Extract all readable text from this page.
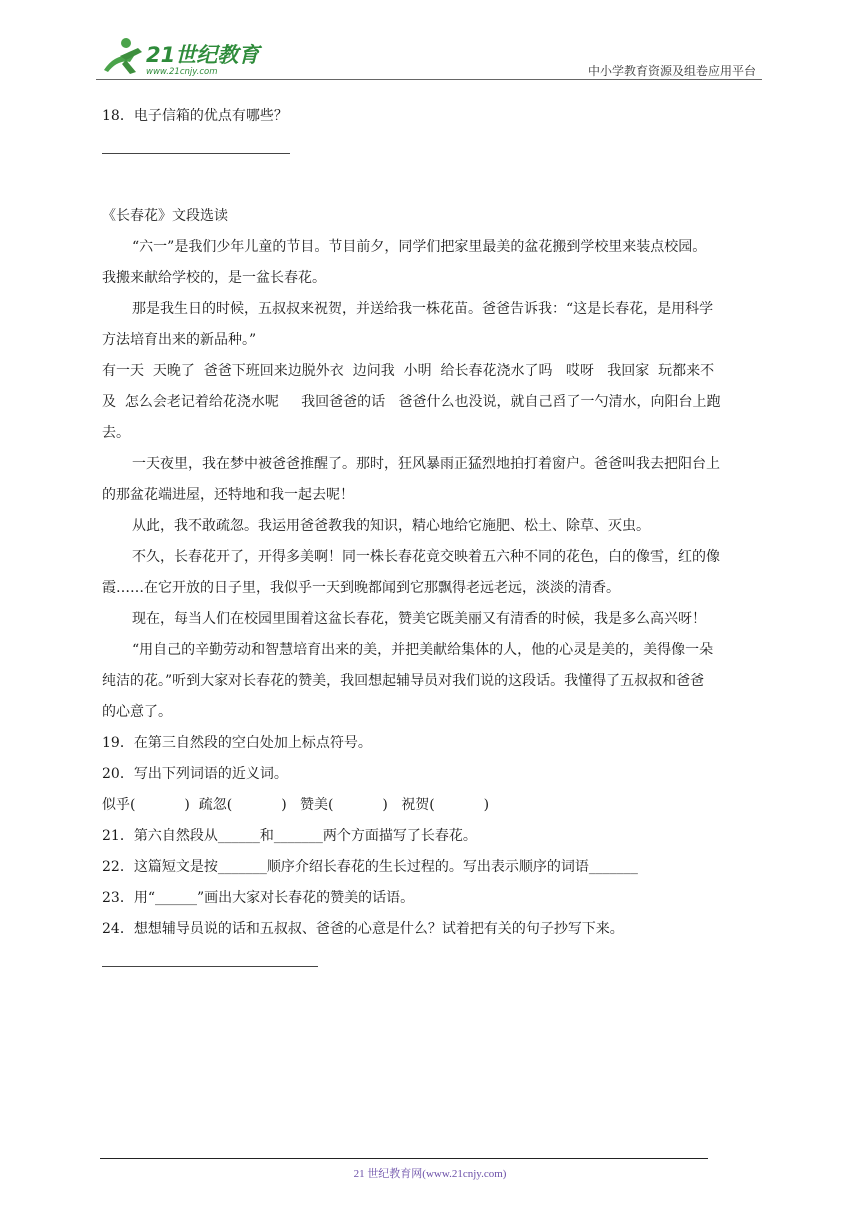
21世纪教育
www.21cnjy.com	中小学教育资源及组卷应用平台
18．电子信箱的优点有哪些？
《长春花》文段选读
“六一”是我们少年儿童的节目。节目前夕，同学们把家里最美的盆花搬到学校里来装点校园。
我搬来献给学校的，是一盆长春花。
那是我生日的时候，五叔叔来祝贺，并送给我一株花苗。爸爸告诉我：“这是长春花，是用科学
方法培育出来的新品种。”
有一天  天晚了  爸爸下班回来边脱外衣  边问我  小明  给长春花浇水了吗   哎呀   我回家  玩都来不
及  怎么会老记着给花浇水呢     我回爸爸的话   爸爸什么也没说，就自己舀了一勺清水，向阳台上跑
去。
一天夜里，我在梦中被爸爸推醒了。那时，狂风暴雨正猛烈地拍打着窗户。爸爸叫我去把阳台上
的那盆花端进屋，还特地和我一起去呢！
从此，我不敢疏忽。我运用爸爸教我的知识，精心地给它施肥、松土、除草、灭虫。
不久，长春花开了，开得多美啊！同一株长春花竟交映着五六种不同的花色，白的像雪，红的像
霞……在它开放的日子里，我似乎一天到晚都闻到它那飘得老远老远，淡淡的清香。
现在，每当人们在校园里围着这盆长春花，赞美它既美丽又有清香的时候，我是多么高兴呀！
“用自己的辛勤劳动和智慧培育出来的美，并把美献给集体的人，他的心灵是美的，美得像一朵
纯洁的花。”听到大家对长春花的赞美，我回想起辅导员对我们说的这段话。我懂得了五叔叔和爸爸
的心意了。
19．在第三自然段的空白处加上标点符号。
20．写出下列词语的近义词。
似乎(           )  疏忽(           )   赞美(           )   祝贺(           )
21．第六自然段从______和_______两个方面描写了长春花。
22．这篇短文是按_______顺序介绍长春花的生长过程的。写出表示顺序的词语_______
23．用“______”画出大家对长春花的赞美的话语。
24．想想辅导员说的话和五叔叔、爸爸的心意是什么？试着把有关的句子抄写下来。
21 世纪教育网(www.21cnjy.com)
